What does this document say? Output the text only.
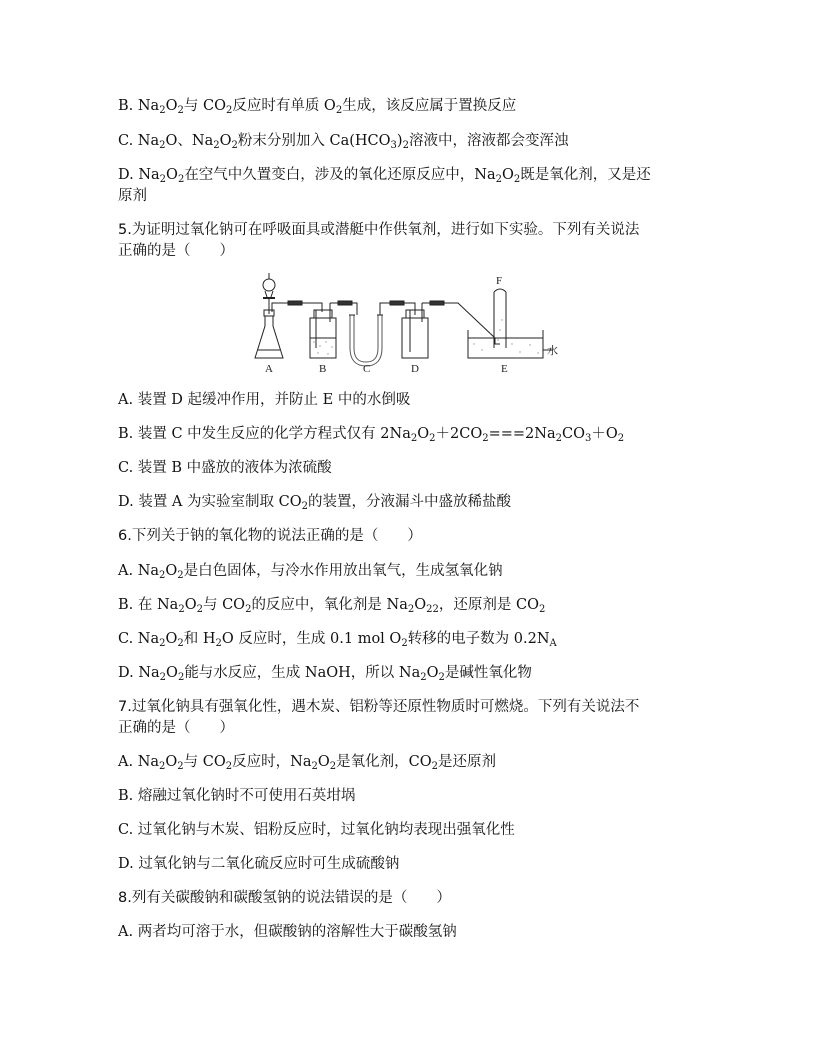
B. $Na_2O_2$与 $CO_2$反应时有单质 $O_2$生成，该反应属于置换反应
C. $Na_2O$、$Na_2O_2$粉末分别加入 $Ca(HCO_3)_2$溶液中，溶液都会变浑浊
D. $Na_2O_2$在空气中久置变白，涉及的氧化还原反应中，$Na_2O_2$既是氧化剂，又是还
原剂
5.为证明过氧化钠可在呼吸面具或潜艇中作供氧剂，进行如下实验。下列有关说法
正确的是（　　）
A	B	C	D	E
F
水
A. 装置 D 起缓冲作用，并防止 E 中的水倒吸
B. 装置 C 中发生反应的化学方程式仅有 $2Na_2O_2+2CO_2===2Na_2CO_3+O_2$
C. 装置 B 中盛放的液体为浓硫酸
D. 装置 A 为实验室制取 $CO_2$的装置，分液漏斗中盛放稀盐酸
6.下列关于钠的氧化物的说法正确的是（　　）
A. $Na_2O_2$是白色固体，与冷水作用放出氧气，生成氢氧化钠
B. 在 $Na_2O_2$与 $CO_2$的反应中，氧化剂是 $Na_2O_{22}$，还原剂是 $CO_2$
C. $Na_2O_2$和 $H_2O$ 反应时，生成 0.1 mol $O_2$转移的电子数为 $0.2N_A$
D. $Na_2O_2$能与水反应，生成 NaOH，所以 $Na_2O_2$是碱性氧化物
7.过氧化钠具有强氧化性，遇木炭、铝粉等还原性物质时可燃烧。下列有关说法不
正确的是（　　）
A. $Na_2O_2$与 $CO_2$反应时，$Na_2O_2$是氧化剂，$CO_2$是还原剂
B. 熔融过氧化钠时不可使用石英坩埚
C. 过氧化钠与木炭、铝粉反应时，过氧化钠均表现出强氧化性
D. 过氧化钠与二氧化硫反应时可生成硫酸钠
8.列有关碳酸钠和碳酸氢钠的说法错误的是（　　）
A. 两者均可溶于水，但碳酸钠的溶解性大于碳酸氢钠
